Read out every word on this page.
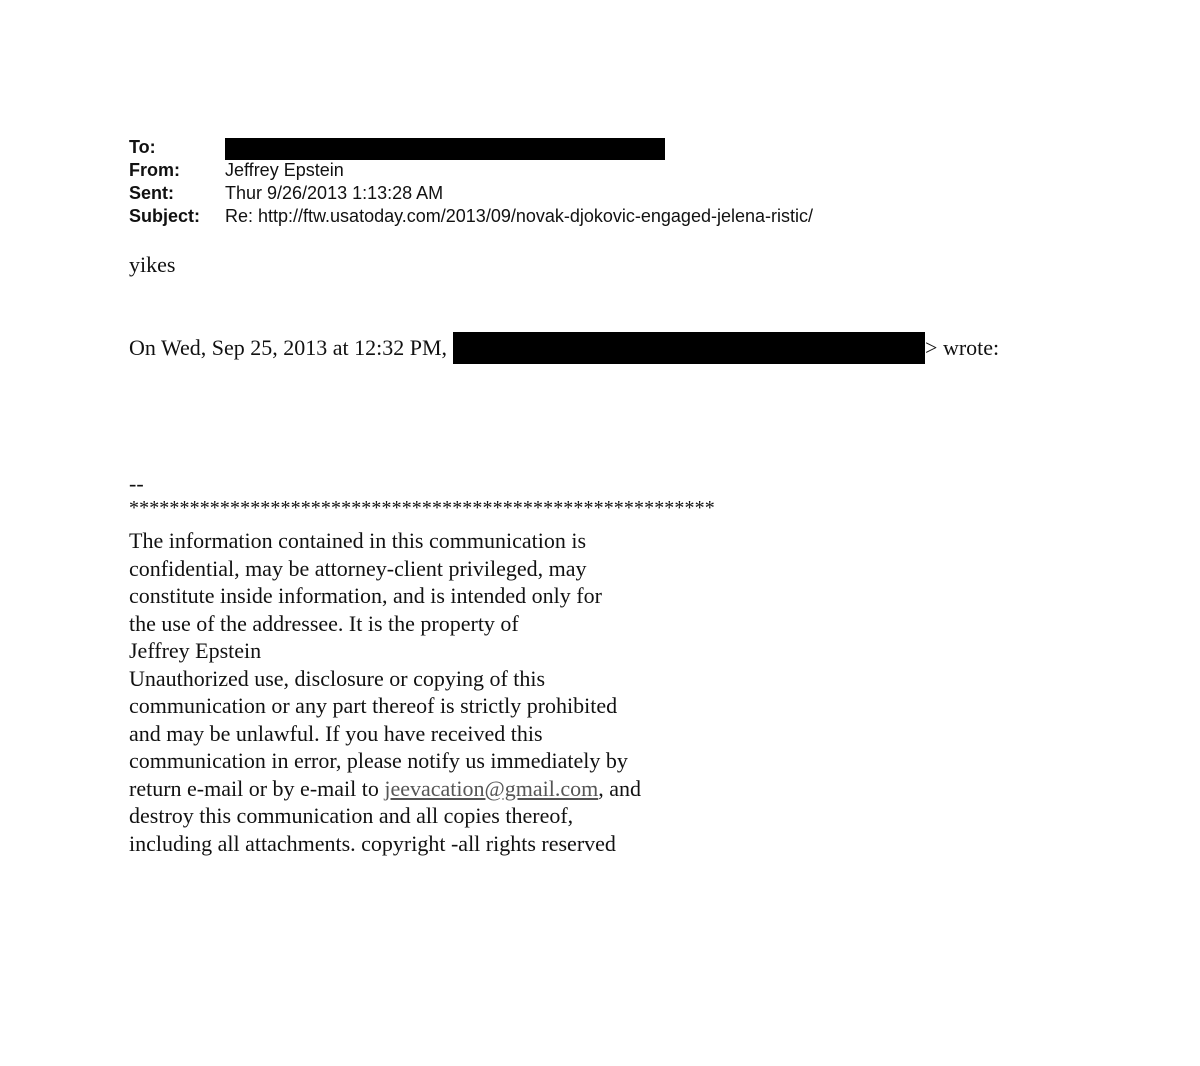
To:
From:	Jeffrey Epstein
Sent:	Thur 9/26/2013 1:13:28 AM
Subject:	Re: http://ftw.usatoday.com/2013/09/novak-djokovic-engaged-jelena-ristic/
yikes
On Wed, Sep 25, 2013 at 12:32 PM,	> wrote:
--
**********************************************************
The information contained in this communication is
confidential, may be attorney-client privileged, may
constitute inside information, and is intended only for
the use of the addressee. It is the property of
Jeffrey Epstein
Unauthorized use, disclosure or copying of this
communication or any part thereof is strictly prohibited
and may be unlawful. If you have received this
communication in error, please notify us immediately by
return e-mail or by e-mail to jeevacation@gmail.com, and
destroy this communication and all copies thereof,
including all attachments. copyright -all rights reserved
